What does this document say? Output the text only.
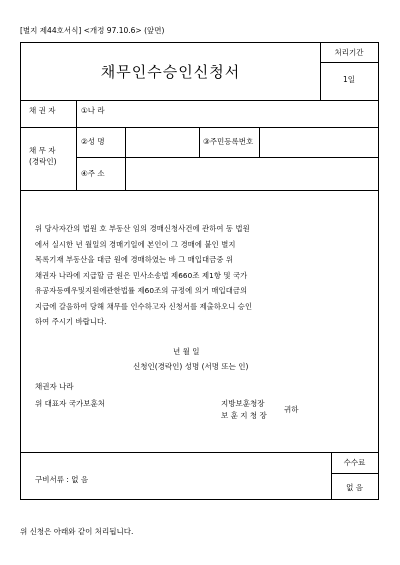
[별지 제44호서식] <개정 97.10.6> (앞면)
채무인수승인신청서
처리기간
1일
채 권 자	①나 라
채 무 자
(경락인)
②성 명	③주민등록번호
④주 소

위 당사자간의 법원 호 부동산 임의 경매신청사건에 관하여 동 법원

에서 실시한 년 월일의 경매기일에 본인이 그 경매에 붙인 별지

목록기재 부동산을 대금 원에 경매하였는 바 그 매입대금중 위

채권자 나라에 지급할 금 원은 민사소송법 제660조 제1항 및 국가

유공자등예우및지원에관한법률 제60조의 규정에 의거 매입대금의

지급에 갈음하여 당해 채무를 인수하고자 신청서를 제출하오니 승인

하여 주시기 바랍니다.

년 월 일
신청인(경락인) 성명 (서명 또는 인)
채권자 나라
위 대표자 국가보훈처	지방보훈청장
보 훈 지 청 장
귀하
구비서류 : 없 음
수수료
없 음
위 신청은 아래와 같이 처리됩니다.
